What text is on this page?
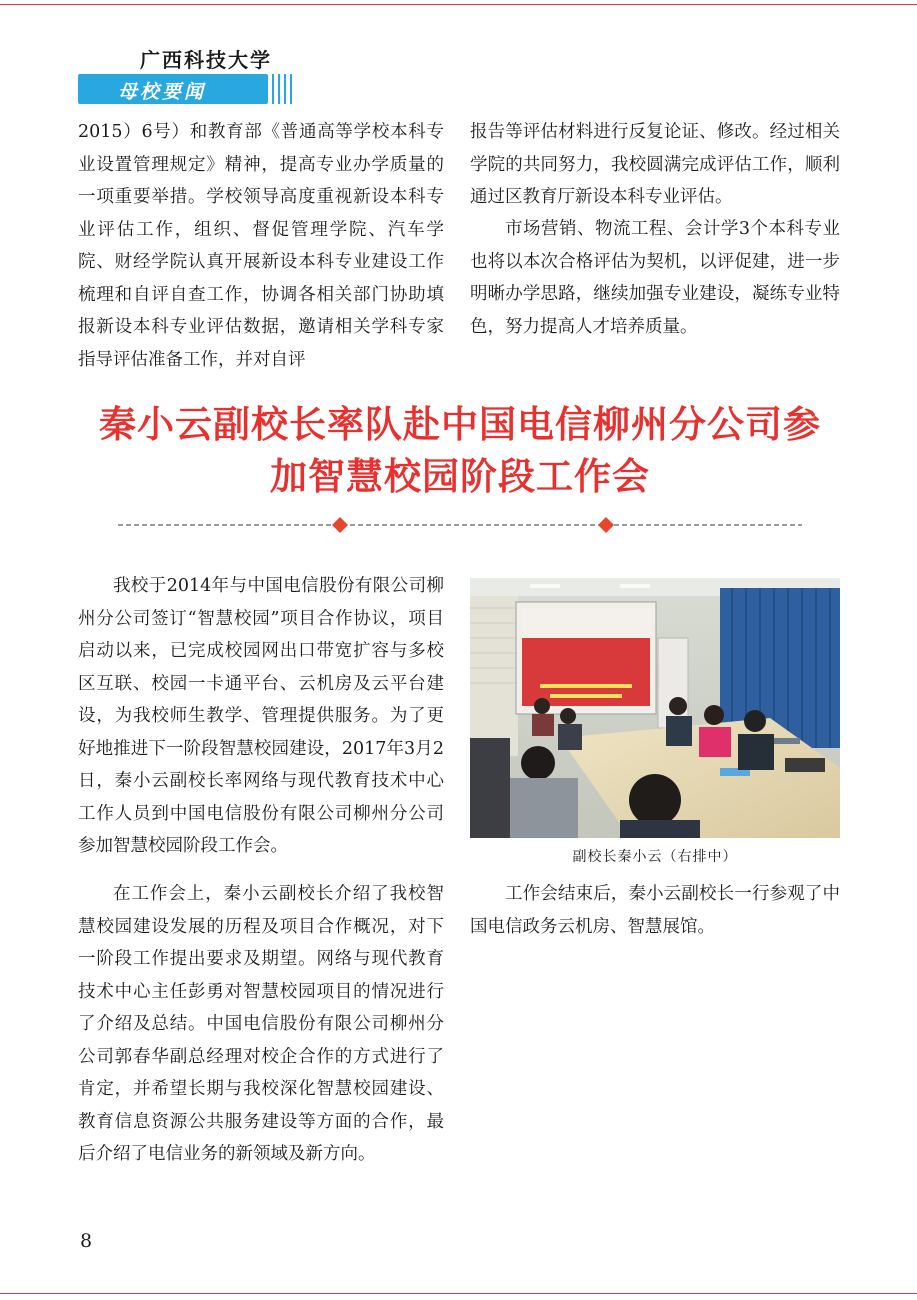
广西科技大学
母校要闻

2015）6号）和教育部《普通高等学校本科专业设置管理规定》精神，提高专业办学质量的一项重要举措。学校领导高度重视新设本科专业评估工作，组织、督促管理学院、汽车学院、财经学院认真开展新设本科专业建设工作梳理和自评自查工作，协调各相关部门协助填报新设本科专业评估数据，邀请相关学科专家指导评估准备工作，并对自评

报告等评估材料进行反复论证、修改。经过相关学院的共同努力，我校圆满完成评估工作，顺利通过区教育厅新设本科专业评估。

市场营销、物流工程、会计学3个本科专业也将以本次合格评估为契机，以评促建，进一步明晰办学思路，继续加强专业建设，凝练专业特色，努力提高人才培养质量。

秦小云副校长率队赴中国电信柳州分公司参
加智慧校园阶段工作会

我校于2014年与中国电信股份有限公司柳州分公司签订“智慧校园”项目合作协议，项目启动以来，已完成校园网出口带宽扩容与多校区互联、校园一卡通平台、云机房及云平台建设，为我校师生教学、管理提供服务。为了更好地推进下一阶段智慧校园建设，2017年3月2日，秦小云副校长率网络与现代教育技术中心工作人员到中国电信股份有限公司柳州分公司参加智慧校园阶段工作会。

在工作会上，秦小云副校长介绍了我校智慧校园建设发展的历程及项目合作概况，对下一阶段工作提出要求及期望。网络与现代教育技术中心主任彭勇对智慧校园项目的情况进行了介绍及总结。中国电信股份有限公司柳州分公司郭春华副总经理对校企合作的方式进行了肯定，并希望长期与我校深化智慧校园建设、教育信息资源公共服务建设等方面的合作，最后介绍了电信业务的新领域及新方向。

副校长秦小云（右排中）

工作会结束后，秦小云副校长一行参观了中国电信政务云机房、智慧展馆。

8
